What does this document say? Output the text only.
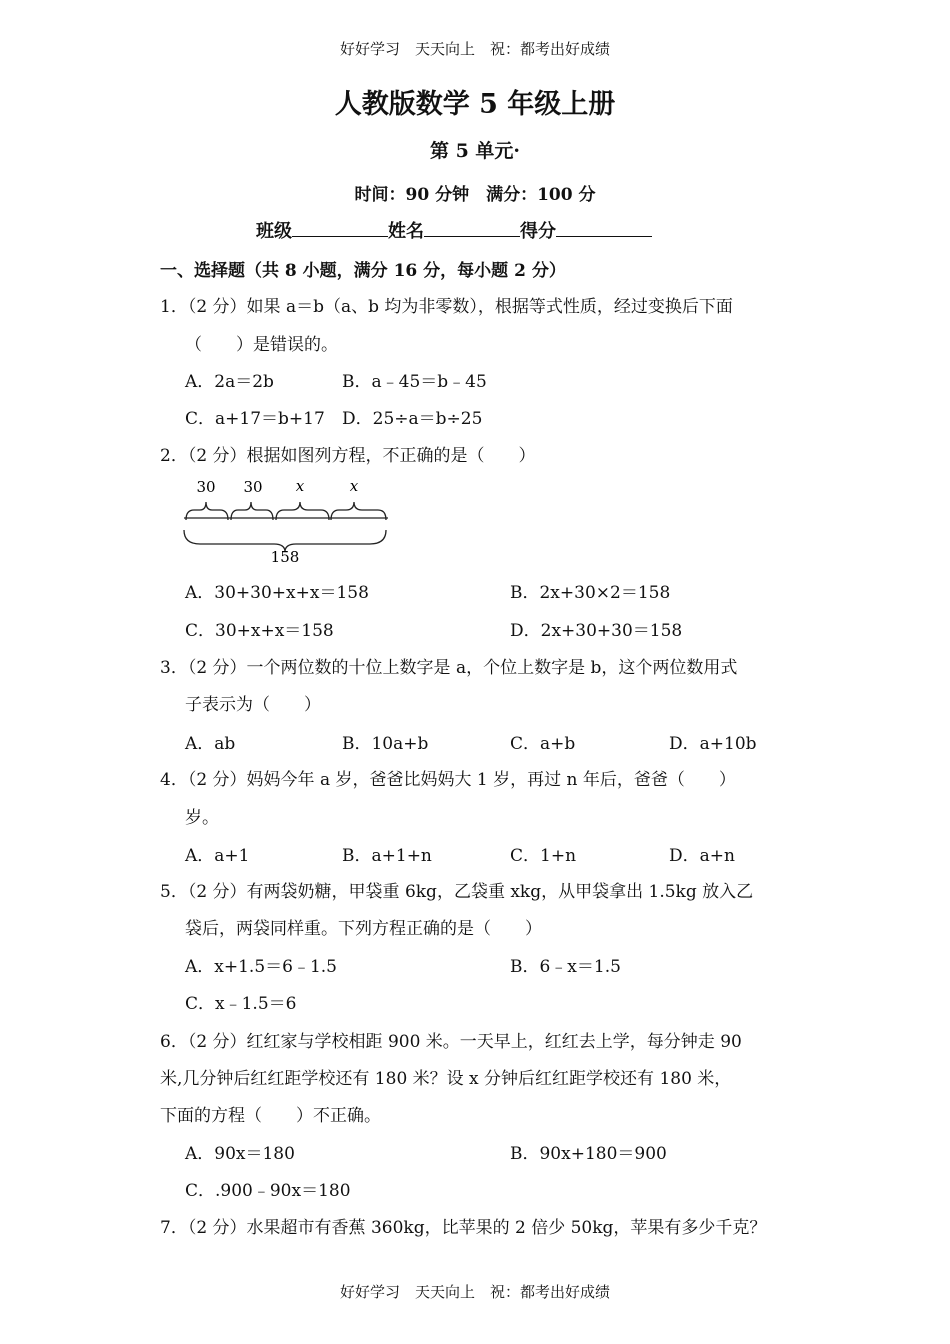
好好学习　天天向上　祝：都考出好成绩
好好学习　天天向上　祝：都考出好成绩
人教版数学 5 年级上册
第 5 单元·
时间：90 分钟　满分：100 分
班级	姓名	得分
一、选择题（共 8 小题，满分 16 分，每小题 2 分）
1．（2 分）如果 a＝b（a、b 均为非零数），根据等式性质，经过变换后下面
（　　）是错误的。
A．2a＝2b	B．a﹣45＝b﹣45
C．a+17＝b+17 D．25÷a＝b÷25
2．（2 分）根据如图列方程，不正确的是（　　）
30 30 x	x
158
A．30+30+x+x＝158	B．2x+30×2＝158
C．30+x+x＝158	D．2x+30+30＝158
3．（2 分）一个两位数的十位上数字是 a，个位上数字是 b，这个两位数用式
子表示为（　　）
A．ab	B．10a+b	C．a+b	D．a+10b
4．（2 分）妈妈今年 a 岁，爸爸比妈妈大 1 岁，再过 n 年后，爸爸（　　）
岁。
A．a+1	B．a+1+n	C．1+n	D．a+n
5．（2 分）有两袋奶糖，甲袋重 6kg，乙袋重 xkg，从甲袋拿出 1.5kg 放入乙
袋后，两袋同样重。下列方程正确的是（　　）
A．x+1.5＝6﹣1.5	B．6﹣x＝1.5
C．x﹣1.5＝6
6．（2 分）红红家与学校相距 900 米。一天早上，红红去上学，每分钟走 90
米,几分钟后红红距学校还有 180 米？设 x 分钟后红红距学校还有 180 米，
下面的方程（　　）不正确。
A．90x＝180	B．90x+180＝900
C．.900﹣90x＝180
7．（2 分）水果超市有香蕉 360kg，比苹果的 2 倍少 50kg，苹果有多少千克？
